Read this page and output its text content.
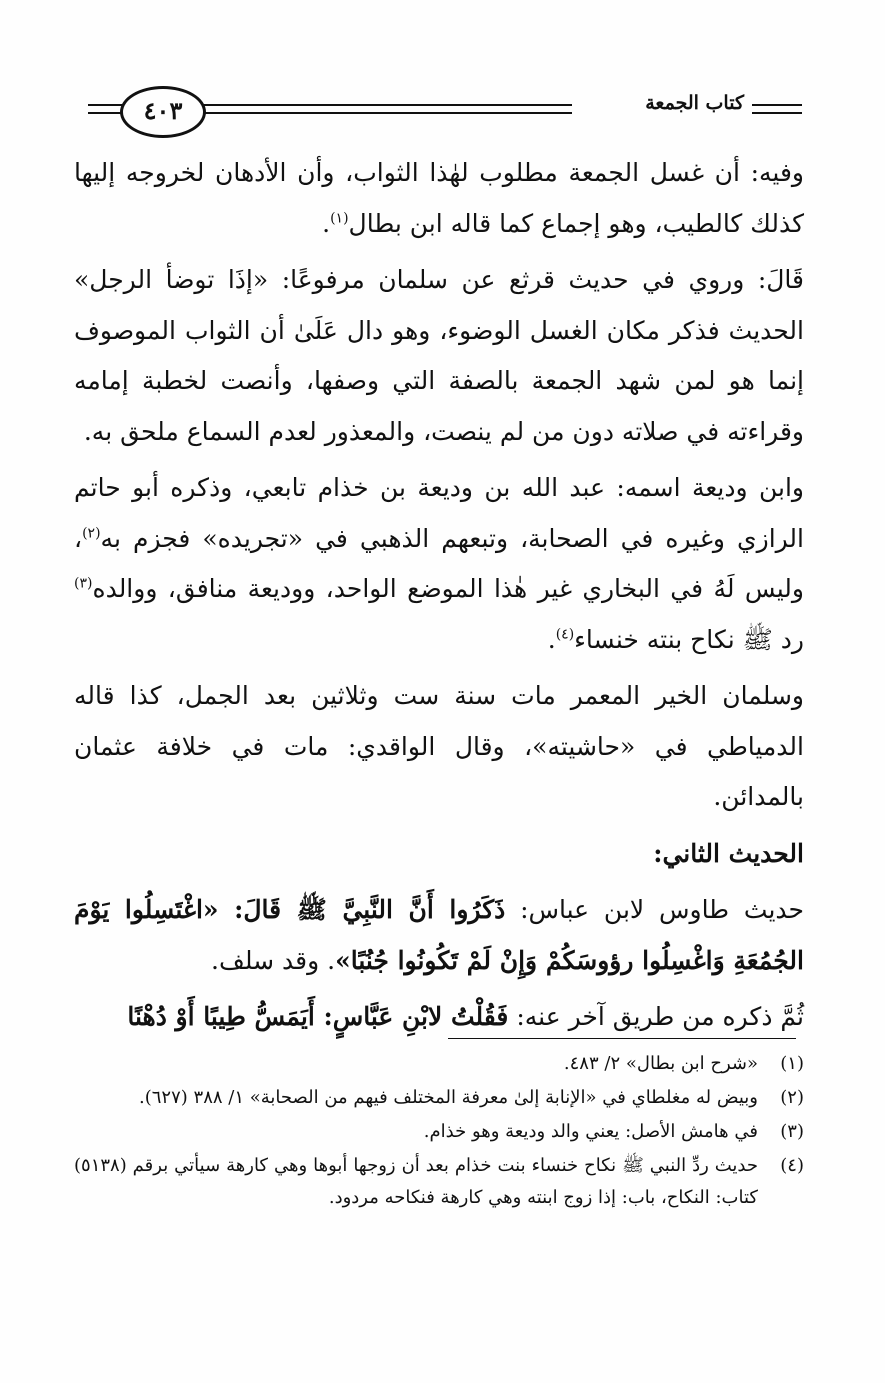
٤٠٣	كتاب الجمعة

وفيه: أن غسل الجمعة مطلوب لهٰذا الثواب، وأن الأدهان لخروجه إليها كذلك كالطيب، وهو إجماع كما قاله ابن بطال$^{(١)}$.

قَالَ: وروي في حديث قرثع عن سلمان مرفوعًا: «إذَا توضأ الرجل» الحديث فذكر مكان الغسل الوضوء، وهو دال عَلَىٰ أن الثواب الموصوف إنما هو لمن شهد الجمعة بالصفة التي وصفها، وأنصت لخطبة إمامه وقراءته في صلاته دون من لم ينصت، والمعذور لعدم السماع ملحق به.

وابن وديعة اسمه: عبد الله بن وديعة بن خذام تابعي، وذكره أبو حاتم الرازي وغيره في الصحابة، وتبعهم الذهبي في «تجريده» فجزم به$^{(٢)}$، وليس لَهُ في البخاري غير هٰذا الموضع الواحد، ووديعة منافق، ووالده$^{(٣)}$ رد ﷺ نكاح بنته خنساء$^{(٤)}$.

وسلمان الخير المعمر مات سنة ست وثلاثين بعد الجمل، كذا قاله الدمياطي في «حاشيته»، وقال الواقدي: مات في خلافة عثمان بالمدائن.

الحديث الثاني:

حديث طاوس لابن عباس: ذَكَرُوا أَنَّ النَّبِيَّ ﷺ قَالَ: «اغْتَسِلُوا يَوْمَ الجُمُعَةِ وَاغْسِلُوا رؤوسَكُمْ وَإِنْ لَمْ تَكُونُوا جُنُبًا». وقد سلف.

ثُمَّ ذكره من طريق آخر عنه: فَقُلْتُ لابْنِ عَبَّاسٍ: أَيَمَسُّ طِيبًا أَوْ دُهْنًا

(١)
«شرح ابن بطال» ٢/ ٤٨٣.
(٢)
وبيض له مغلطاي في «الإنابة إلىٰ معرفة المختلف فيهم من الصحابة» ١/ ٣٨٨ (٦٢٧).
(٣)
في هامش الأصل: يعني والد وديعة وهو خذام.
(٤)
حديث ردِّ النبي ﷺ نكاح خنساء بنت خذام بعد أن زوجها أبوها وهي كارهة سيأتي برقم (٥١٣٨) كتاب: النكاح، باب: إذا زوج ابنته وهي كارهة فنكاحه مردود.
